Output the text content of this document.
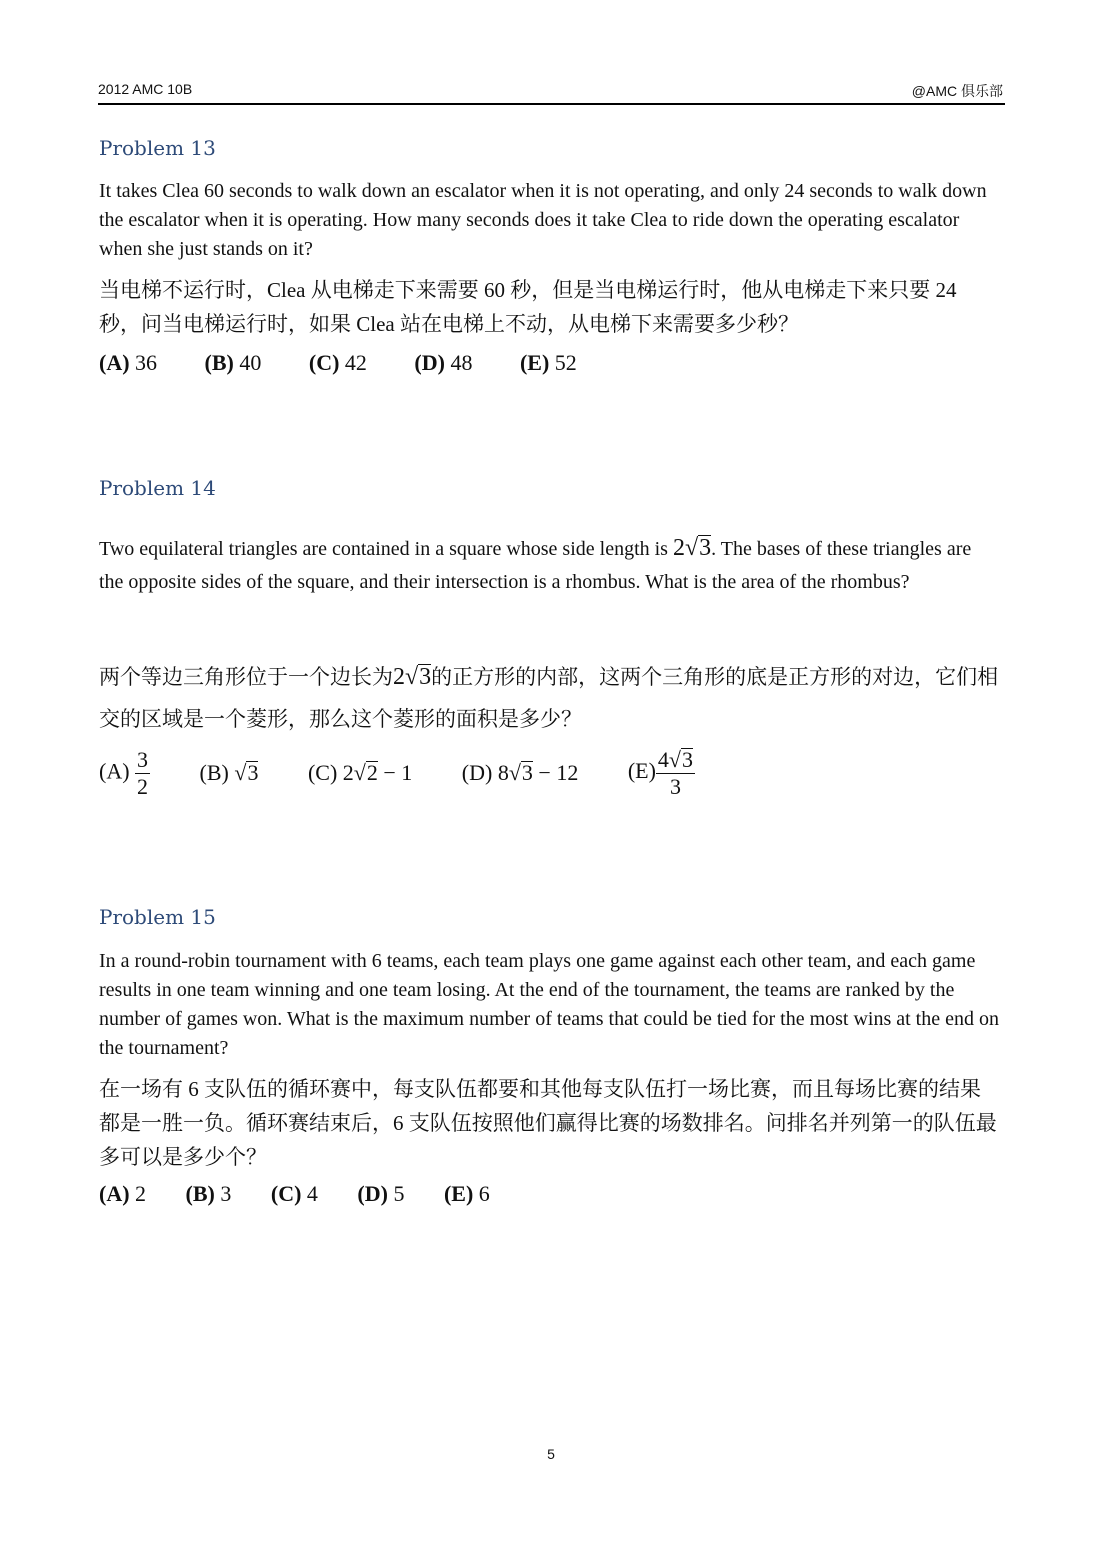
2012 AMC 10B	@AMC 俱乐部
Problem 13
It takes Clea 60 seconds to walk down an escalator when it is not operating, and only 24 seconds to walk down the escalator when it is operating. How many seconds does it take Clea to ride down the operating escalator when she just stands on it?
当电梯不运行时，Clea 从电梯走下来需要 60 秒，但是当电梯运行时，他从电梯走下来只要 24 秒，问当电梯运行时，如果 Clea 站在电梯上不动，从电梯下来需要多少秒？
(A) 36 (B) 40 (C) 42 (D) 48 (E) 52
Problem 14
Two equilateral triangles are contained in a square whose side length is 2√3. The bases of these triangles are the opposite sides of the square, and their intersection is a rhombus. What is the area of the rhombus?
两个等边三角形位于一个边长为2√3的正方形的内部，这两个三角形的底是正方形的对边，它们相交的区域是一个菱形，那么这个菱形的面积是多少？
$(A) \frac{3}{2} (B)$ √3 (C) 2√2 − 1 (D) 8√3 − 12 $(E) \frac{4√3}{3}$
Problem 15
In a round-robin tournament with 6 teams, each team plays one game against each other team, and each game results in one team winning and one team losing. At the end of the tournament, the teams are ranked by the number of games won. What is the maximum number of teams that could be tied for the most wins at the end on the tournament?
在一场有 6 支队伍的循环赛中，每支队伍都要和其他每支队伍打一场比赛，而且每场比赛的结果都是一胜一负。循环赛结束后，6 支队伍按照他们赢得比赛的场数排名。问排名并列第一的队伍最多可以是多少个？
(A) 2 (B) 3 (C) 4 (D) 5 (E) 6
5
